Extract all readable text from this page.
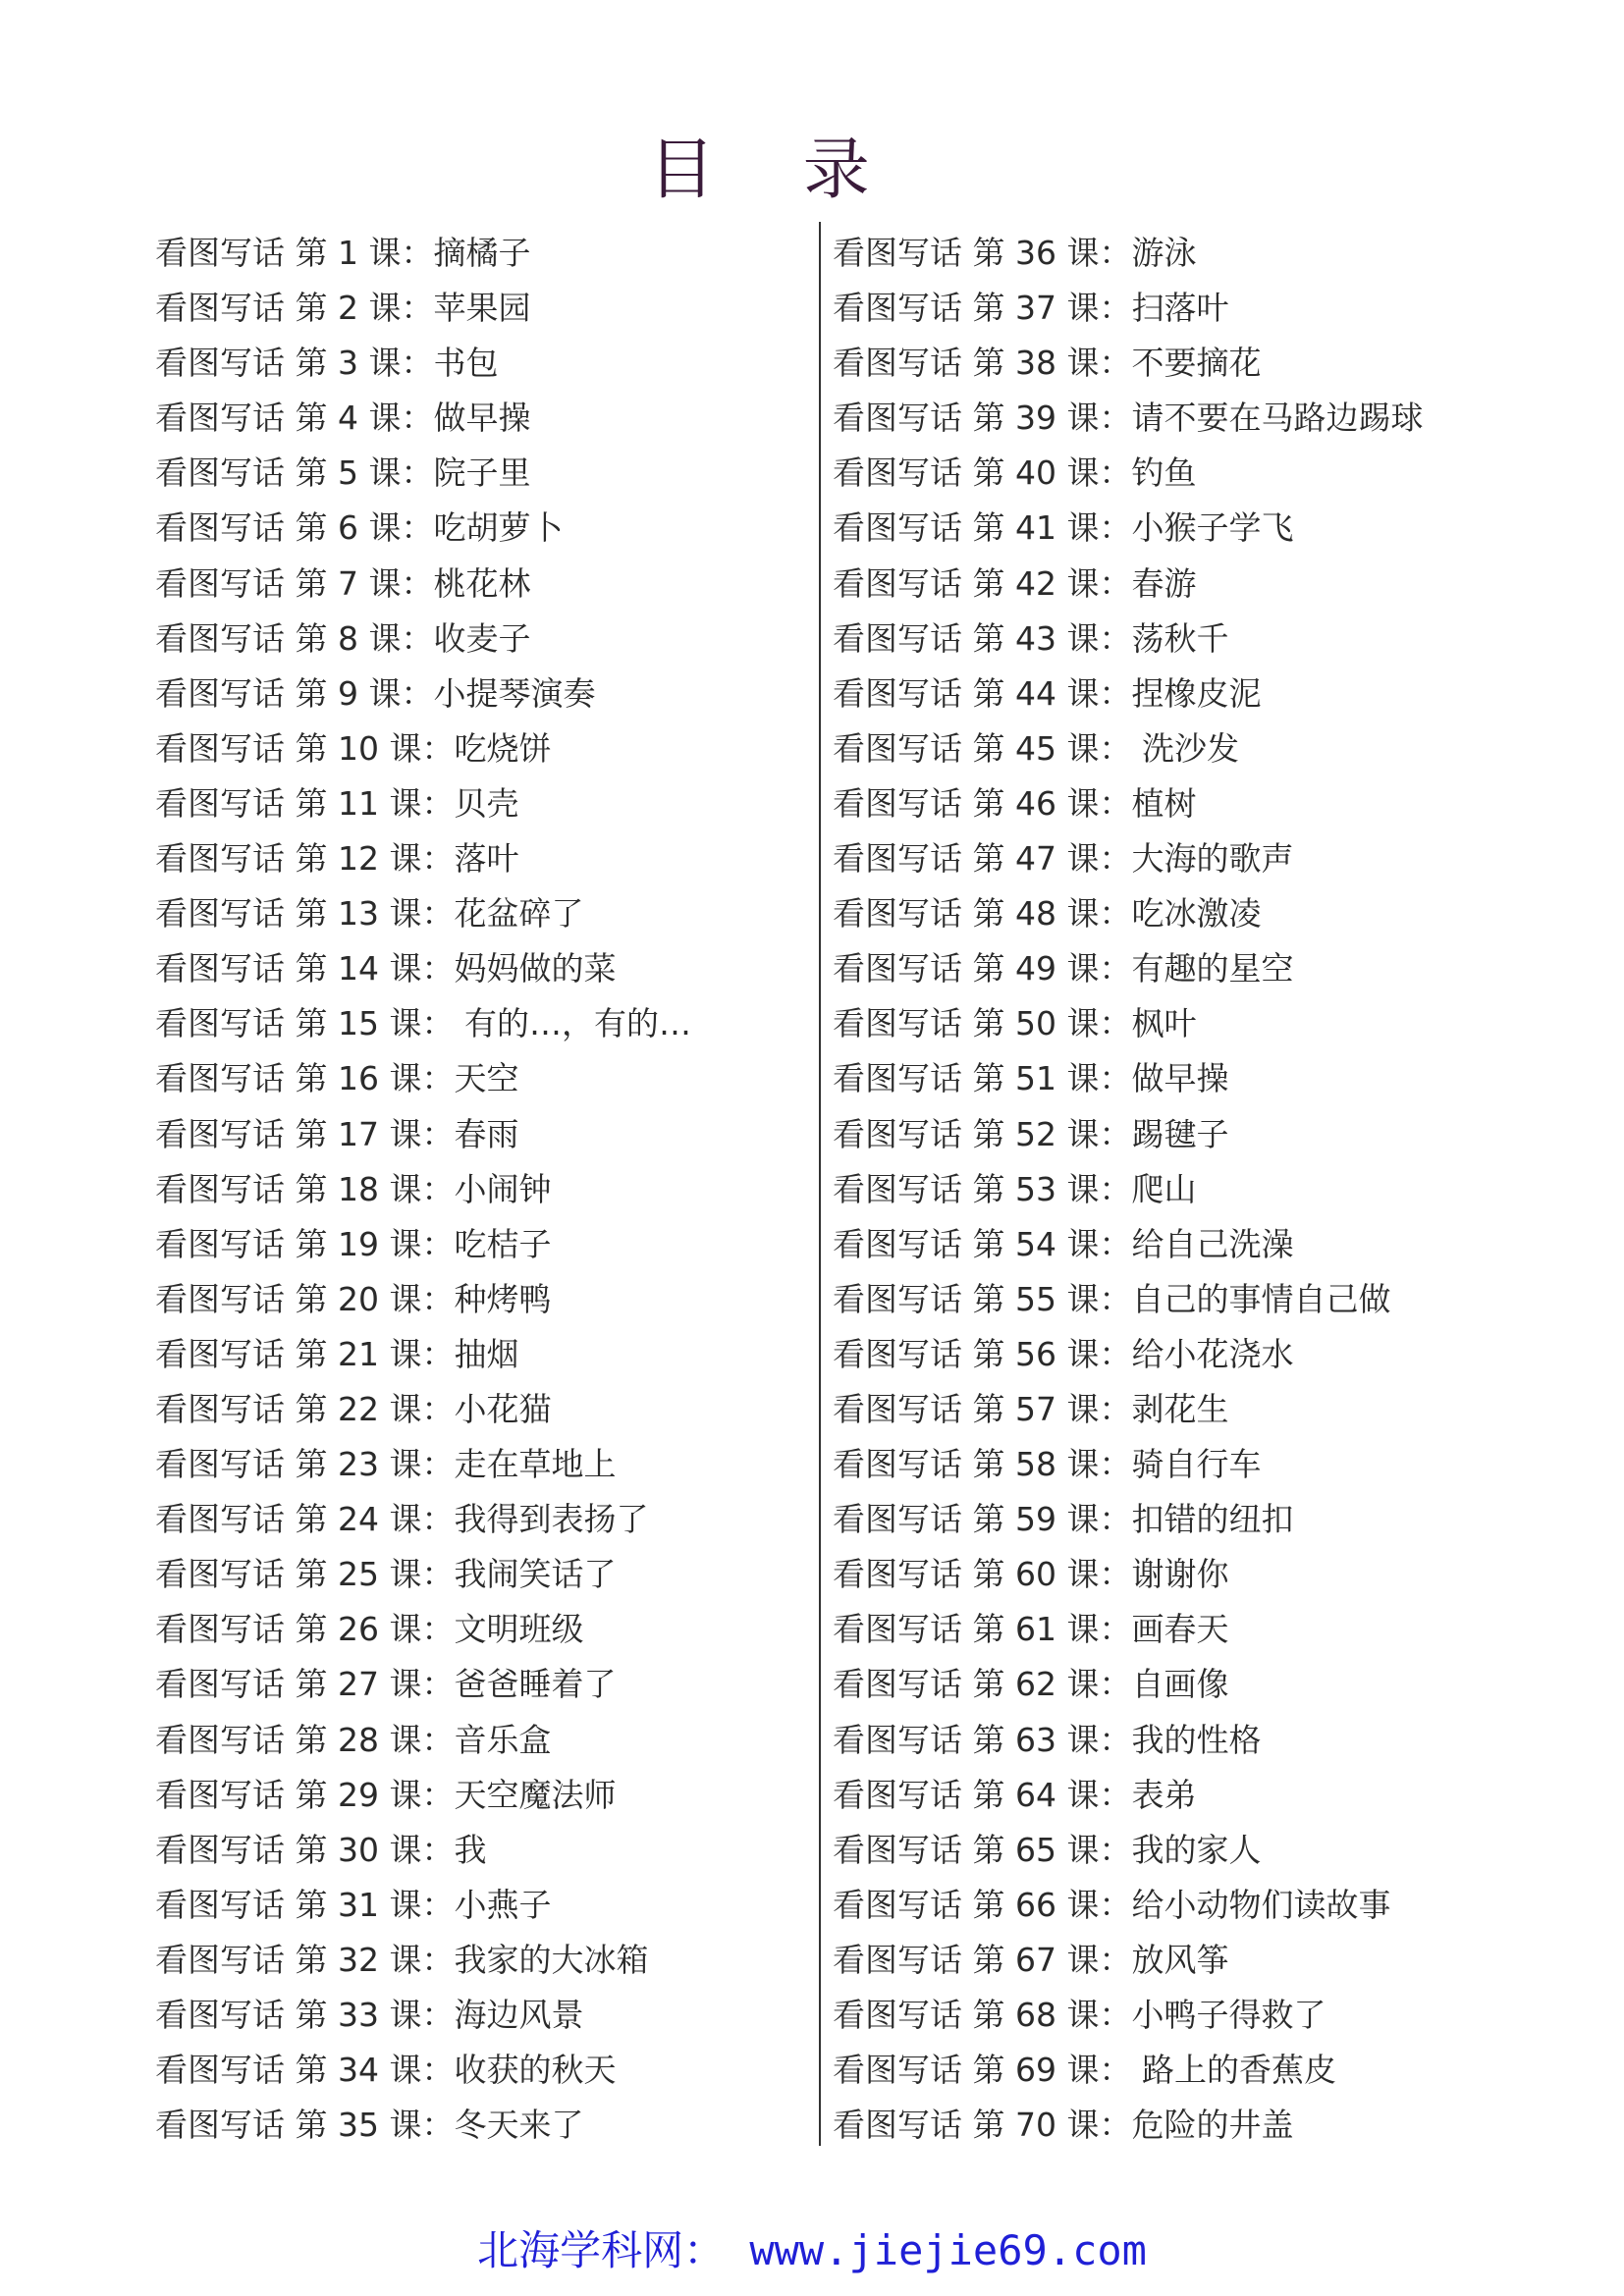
目 录
看图写话 第 1 课：摘橘子
看图写话 第 2 课：苹果园
看图写话 第 3 课：书包
看图写话 第 4 课：做早操
看图写话 第 5 课：院子里
看图写话 第 6 课：吃胡萝卜
看图写话 第 7 课：桃花林
看图写话 第 8 课：收麦子
看图写话 第 9 课：小提琴演奏
看图写话 第 10 课：吃烧饼
看图写话 第 11 课：贝壳
看图写话 第 12 课：落叶
看图写话 第 13 课：花盆碎了
看图写话 第 14 课：妈妈做的菜
看图写话 第 15 课： 有的…，有的…
看图写话 第 16 课：天空
看图写话 第 17 课：春雨
看图写话 第 18 课：小闹钟
看图写话 第 19 课：吃桔子
看图写话 第 20 课：种烤鸭
看图写话 第 21 课：抽烟
看图写话 第 22 课：小花猫
看图写话 第 23 课：走在草地上
看图写话 第 24 课：我得到表扬了
看图写话 第 25 课：我闹笑话了
看图写话 第 26 课：文明班级
看图写话 第 27 课：爸爸睡着了
看图写话 第 28 课：音乐盒
看图写话 第 29 课：天空魔法师
看图写话 第 30 课：我
看图写话 第 31 课：小燕子
看图写话 第 32 课：我家的大冰箱
看图写话 第 33 课：海边风景
看图写话 第 34 课：收获的秋天
看图写话 第 35 课：冬天来了
看图写话 第 36 课：游泳
看图写话 第 37 课：扫落叶
看图写话 第 38 课：不要摘花
看图写话 第 39 课：请不要在马路边踢球
看图写话 第 40 课：钓鱼
看图写话 第 41 课：小猴子学飞
看图写话 第 42 课：春游
看图写话 第 43 课：荡秋千
看图写话 第 44 课：捏橡皮泥
看图写话 第 45 课： 洗沙发
看图写话 第 46 课：植树
看图写话 第 47 课：大海的歌声
看图写话 第 48 课：吃冰激凌
看图写话 第 49 课：有趣的星空
看图写话 第 50 课：枫叶
看图写话 第 51 课：做早操
看图写话 第 52 课：踢毽子
看图写话 第 53 课：爬山
看图写话 第 54 课：给自己洗澡
看图写话 第 55 课：自己的事情自己做
看图写话 第 56 课：给小花浇水
看图写话 第 57 课：剥花生
看图写话 第 58 课：骑自行车
看图写话 第 59 课：扣错的纽扣
看图写话 第 60 课：谢谢你
看图写话 第 61 课：画春天
看图写话 第 62 课：自画像
看图写话 第 63 课：我的性格
看图写话 第 64 课：表弟
看图写话 第 65 课：我的家人
看图写话 第 66 课：给小动物们读故事
看图写话 第 67 课：放风筝
看图写话 第 68 课：小鸭子得救了
看图写话 第 69 课： 路上的香蕉皮
看图写话 第 70 课：危险的井盖
北海学科网： www.jiejie69.com
